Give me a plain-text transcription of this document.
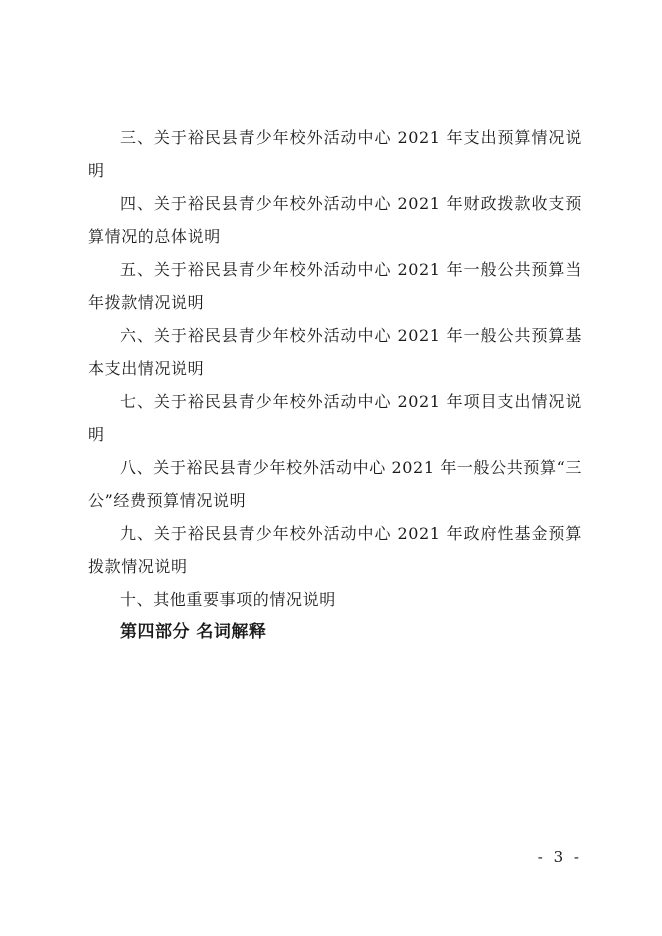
三、关于裕民县青少年校外活动中心 2021 年支出预算情况说明

四、关于裕民县青少年校外活动中心 2021 年财政拨款收支预算情况的总体说明

五、关于裕民县青少年校外活动中心 2021 年一般公共预算当年拨款情况说明

六、关于裕民县青少年校外活动中心 2021 年一般公共预算基本支出情况说明

七、关于裕民县青少年校外活动中心 2021 年项目支出情况说明

八、关于裕民县青少年校外活动中心 2021 年一般公共预算“三公”经费预算情况说明

九、关于裕民县青少年校外活动中心 2021 年政府性基金预算拨款情况说明

十、其他重要事项的情况说明

第四部分 名词解释

- 3 -
